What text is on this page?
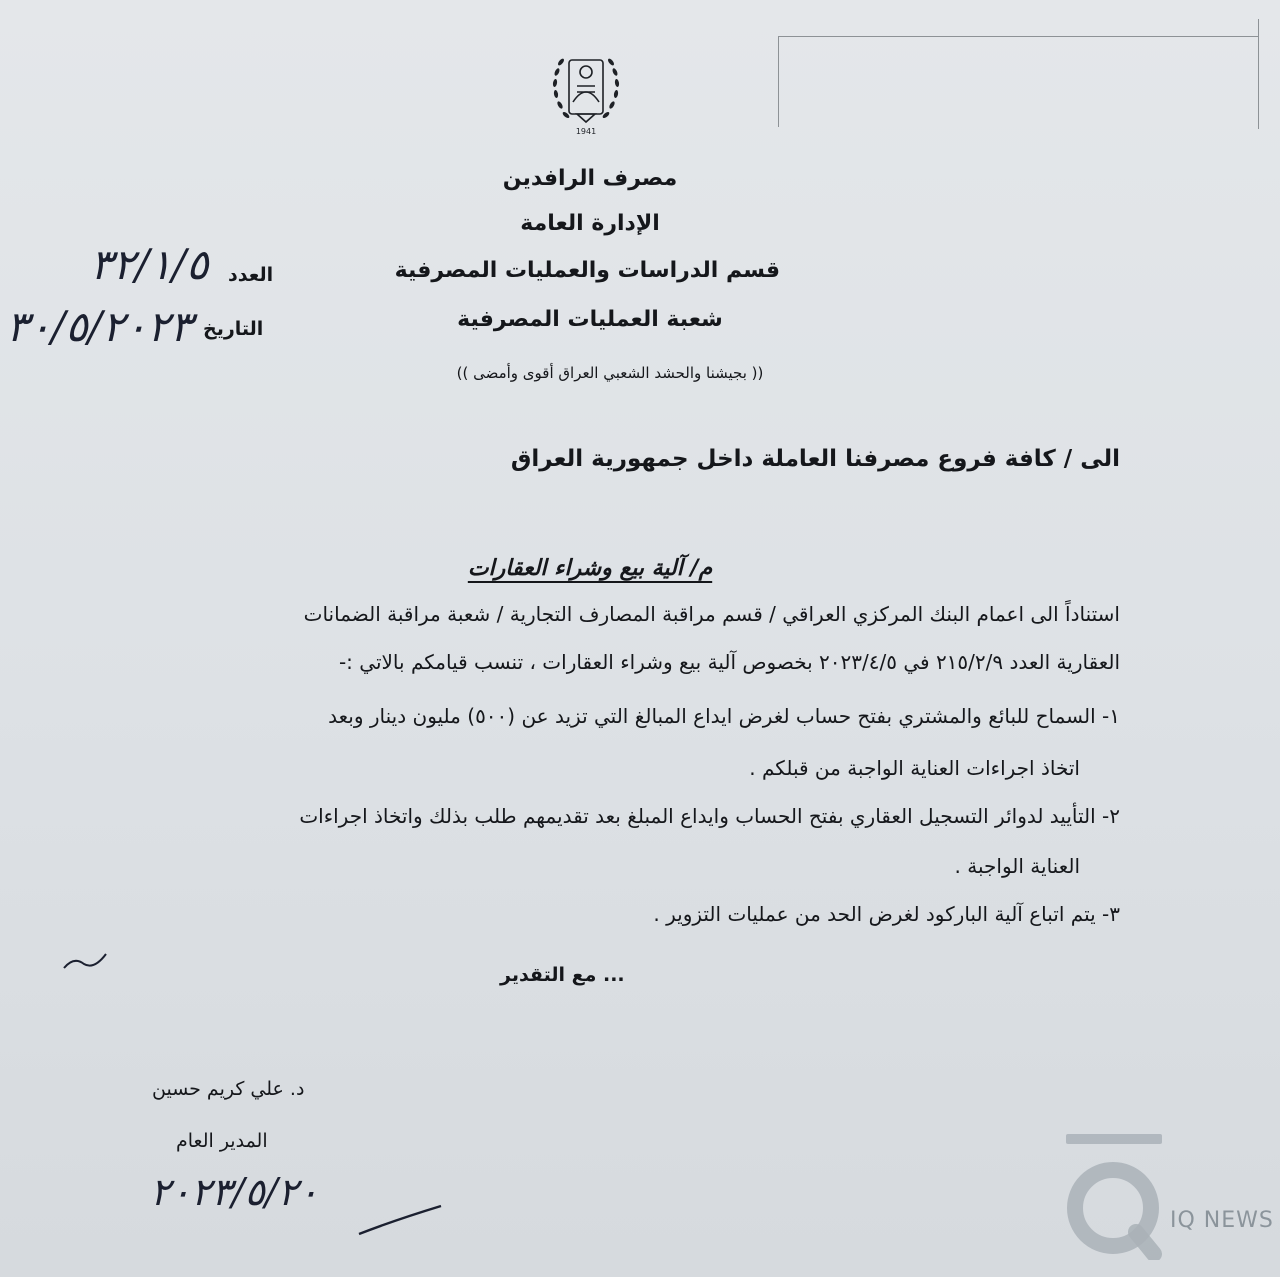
1941
مصرف الرافدين
الإدارة العامة
قسم الدراسات والعمليات المصرفية
شعبة العمليات المصرفية
(( بجيشنا والحشد الشعبي العراق أقوى وأمضى ))
العدد
٣٢/١/٥
التاريخ
٣٠/٥/٢٠٢٣
الى / كافة فروع مصرفنا العاملة داخل جمهورية العراق
م/ آلية بيع وشراء العقارات
استناداً الى اعمام البنك المركزي العراقي / قسم مراقبة المصارف التجارية / شعبة مراقبة الضمانات
العقارية العدد ٢١٥/٢/٩ في ٢٠٢٣/٤/٥ بخصوص آلية بيع وشراء العقارات ، تنسب قيامكم بالاتي :-
١- السماح للبائع والمشتري بفتح حساب لغرض ايداع المبالغ التي تزيد عن (٥٠٠) مليون دينار وبعد
اتخاذ اجراءات العناية الواجبة من قبلكم .
٢- التأييد لدوائر التسجيل العقاري بفتح الحساب وايداع المبلغ بعد تقديمهم طلب بذلك واتخاذ اجراءات
العناية الواجبة .
٣- يتم اتباع آلية الباركود لغرض الحد من عمليات التزوير .
... مع التقدير
د. علي كريم حسين
المدير العام
٢٠٢٣/٥/٢٠
IQ NEWS
